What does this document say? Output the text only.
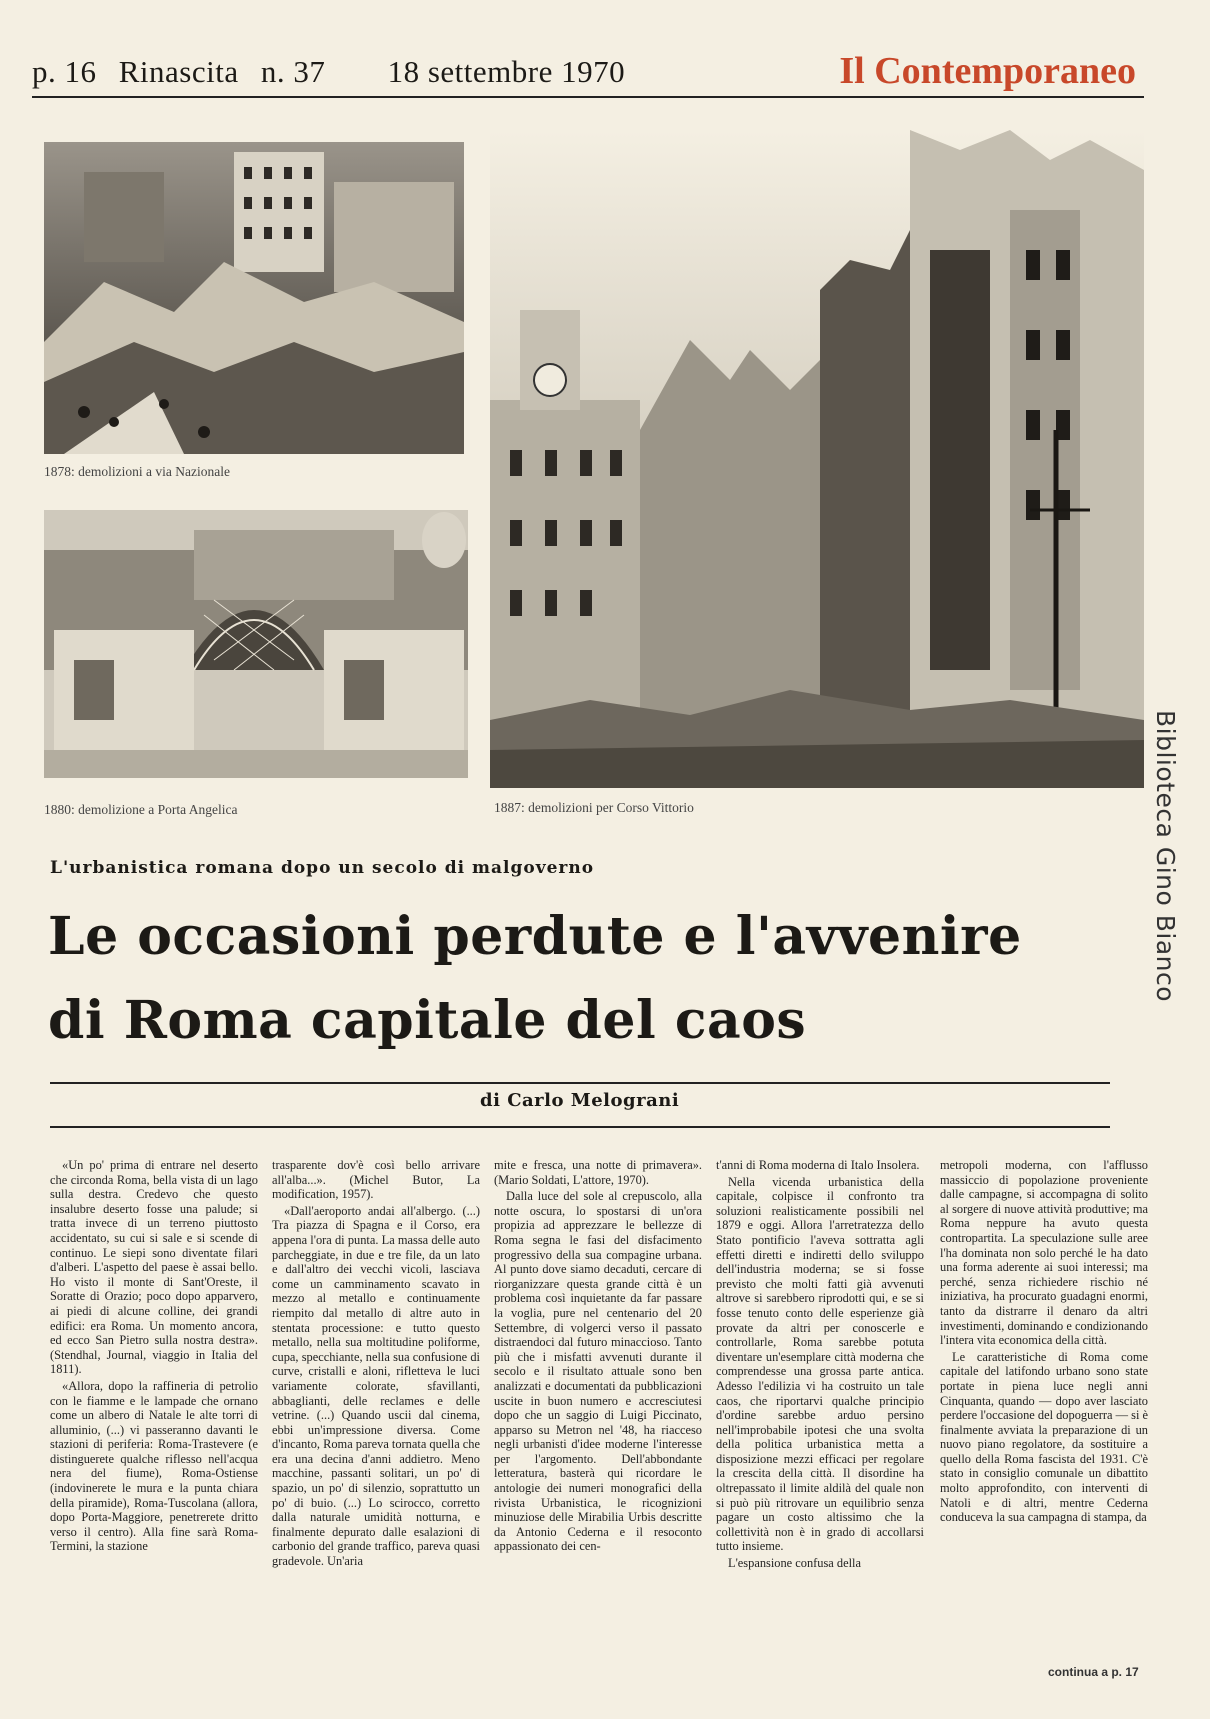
p. 16 Rinascita n. 37 18 settembre 1970	Il Contemporaneo
1878: demolizioni a via Nazionale
1880: demolizione a Porta Angelica	1887: demolizioni per Corso Vittorio
L'urbanistica romana dopo un secolo di malgoverno
Le occasioni perdute e l'avvenire
di Roma capitale del caos
di Carlo Melograni

«Un po' prima di entrare nel deserto che circonda Roma, bella vista di un lago sulla destra. Credevo che questo insalubre deserto fosse una palude; si tratta invece di un terreno piuttosto accidentato, su cui si sale e si scende di continuo. Le siepi sono diventate filari d'alberi. L'aspetto del paese è assai bello. Ho visto il monte di Sant'Oreste, il Soratte di Orazio; poco dopo apparvero, ai piedi di alcune colline, dei grandi edifici: era Roma. Un momento ancora, ed ecco San Pietro sulla nostra destra». (Stendhal, Journal, viaggio in Italia del 1811).

«Allora, dopo la raffineria di petrolio con le fiamme e le lampade che ornano come un albero di Natale le alte torri di alluminio, (...) vi passeranno davanti le stazioni di periferia: Roma-Trastevere (e distinguerete qualche riflesso nell'acqua nera del fiume), Roma-Ostiense (indovinerete le mura e la punta chiara della piramide), Roma-Tuscolana (allora, dopo Porta-Maggiore, penetrerete dritto verso il centro). Alla fine sarà Roma-Termini, la stazione

trasparente dov'è così bello arrivare all'alba...». (Michel Butor, La modification, 1957).

«Dall'aeroporto andai all'albergo. (...) Tra piazza di Spagna e il Corso, era appena l'ora di punta. La massa delle auto parcheggiate, in due e tre file, da un lato e dall'altro dei vecchi vicoli, lasciava come un camminamento scavato in mezzo al metallo e continuamente riempito dal metallo di altre auto in stentata processione: e tutto questo metallo, nella sua moltitudine poliforme, cupa, specchiante, nella sua confusione di curve, cristalli e aloni, rifletteva le luci variamente colorate, sfavillanti, abbaglianti, delle reclames e delle vetrine. (...) Quando uscii dal cinema, ebbi un'impressione diversa. Come d'incanto, Roma pareva tornata quella che era una decina d'anni addietro. Meno macchine, passanti solitari, un po' di spazio, un po' di silenzio, soprattutto un po' di buio. (...) Lo scirocco, corretto dalla naturale umidità notturna, e finalmente depurato dalle esalazioni di carbonio del grande traffico, pareva quasi gradevole. Un'aria

mite e fresca, una notte di primavera». (Mario Soldati, L'attore, 1970).

Dalla luce del sole al crepuscolo, alla notte oscura, lo spostarsi di un'ora propizia ad apprezzare le bellezze di Roma segna le fasi del disfacimento progressivo della sua compagine urbana. Al punto dove siamo decaduti, cercare di riorganizzare questa grande città è un problema così inquietante da far passare la voglia, pure nel centenario del 20 Settembre, di volgerci verso il passato distraendoci dal futuro minaccioso. Tanto più che i misfatti avvenuti durante il secolo e il risultato attuale sono ben analizzati e documentati da pubblicazioni uscite in buon numero e accresciutesi dopo che un saggio di Luigi Piccinato, apparso su Metron nel '48, ha riacceso negli urbanisti d'idee moderne l'interesse per l'argomento. Dell'abbondante letteratura, basterà qui ricordare le antologie dei numeri monografici della rivista Urbanistica, le ricognizioni minuziose delle Mirabilia Urbis descritte da Antonio Cederna e il resoconto appassionato dei cen-

t'anni di Roma moderna di Italo Insolera.

Nella vicenda urbanistica della capitale, colpisce il confronto tra soluzioni realisticamente possibili nel 1879 e oggi. Allora l'arretratezza dello Stato pontificio l'aveva sottratta agli effetti diretti e indiretti dello sviluppo dell'industria moderna; se si fosse previsto che molti fatti già avvenuti altrove si sarebbero riprodotti qui, e se si fosse tenuto conto delle esperienze già provate da altri per conoscerle e controllarle, Roma sarebbe potuta diventare un'esemplare città moderna che comprendesse una grossa parte antica. Adesso l'edilizia vi ha costruito un tale caos, che riportarvi qualche principio d'ordine sarebbe arduo persino nell'improbabile ipotesi che una svolta della politica urbanistica metta a disposizione mezzi efficaci per regolare la crescita della città. Il disordine ha oltrepassato il limite aldilà del quale non si può più ritrovare un equilibrio senza pagare un costo altissimo che la collettività non è in grado di accollarsi tutto insieme.

L'espansione confusa della

metropoli moderna, con l'afflusso massiccio di popolazione proveniente dalle campagne, si accompagna di solito al sorgere di nuove attività produttive; ma Roma neppure ha avuto questa contropartita. La speculazione sulle aree l'ha dominata non solo perché le ha dato una forma aderente ai suoi interessi; ma perché, senza richiedere rischio né iniziativa, ha procurato guadagni enormi, tanto da distrarre il denaro da altri investimenti, dominando e condizionando l'intera vita economica della città.

Le caratteristiche di Roma come capitale del latifondo urbano sono state portate in piena luce negli anni Cinquanta, quando — dopo aver lasciato perdere l'occasione del dopoguerra — si è finalmente avviata la preparazione di un nuovo piano regolatore, da sostituire a quello della Roma fascista del 1931. C'è stato in consiglio comunale un dibattito molto approfondito, con interventi di Natoli e di altri, mentre Cederna conduceva la sua campagna di stampa, da

continua a p. 17
Biblioteca Gino Bianco
